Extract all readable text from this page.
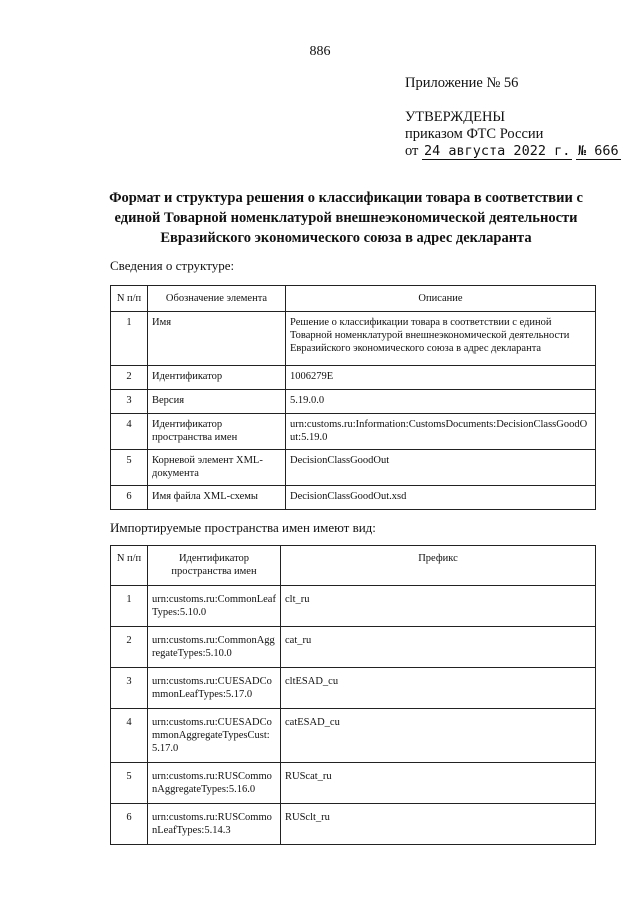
886
Приложение № 56
УТВЕРЖДЕНЫ
приказом ФТС России
от 24 августа 2022 г. № 666
Формат и структура решения о классификации товара в соответствии с единой Товарной номенклатурой внешнеэкономической деятельности Евразийского экономического союза в адрес декларанта
Сведения о структуре:
N п/п	Обозначение элемента	Описание
1	Имя	Решение о классификации товара в соответствии с единой Товарной номенклатурой внешнеэкономической деятельности Евразийского экономического союза в адрес декларанта
2	Идентификатор	1006279E
3	Версия	5.19.0.0
4	Идентификатор пространства имен	urn:customs.ru:Information:CustomsDocuments:DecisionClassGoodOut:5.19.0
5	Корневой элемент XML-документа	DecisionClassGoodOut
6	Имя файла XML-схемы	DecisionClassGoodOut.xsd
Импортируемые пространства имен имеют вид:
N п/п	Идентификатор пространства имен	Префикс
1	urn:customs.ru:CommonLeafTypes:5.10.0	clt_ru
2	urn:customs.ru:CommonAggregateTypes:5.10.0	cat_ru
3	urn:customs.ru:CUESADCommonLeafTypes:5.17.0	cltESAD_cu
4	urn:customs.ru:CUESADCommonAggregateTypesCust:5.17.0	catESAD_cu
5	urn:customs.ru:RUSCommonAggregateTypes:5.16.0	RUScat_ru
6	urn:customs.ru:RUSCommonLeafTypes:5.14.3	RUSclt_ru
